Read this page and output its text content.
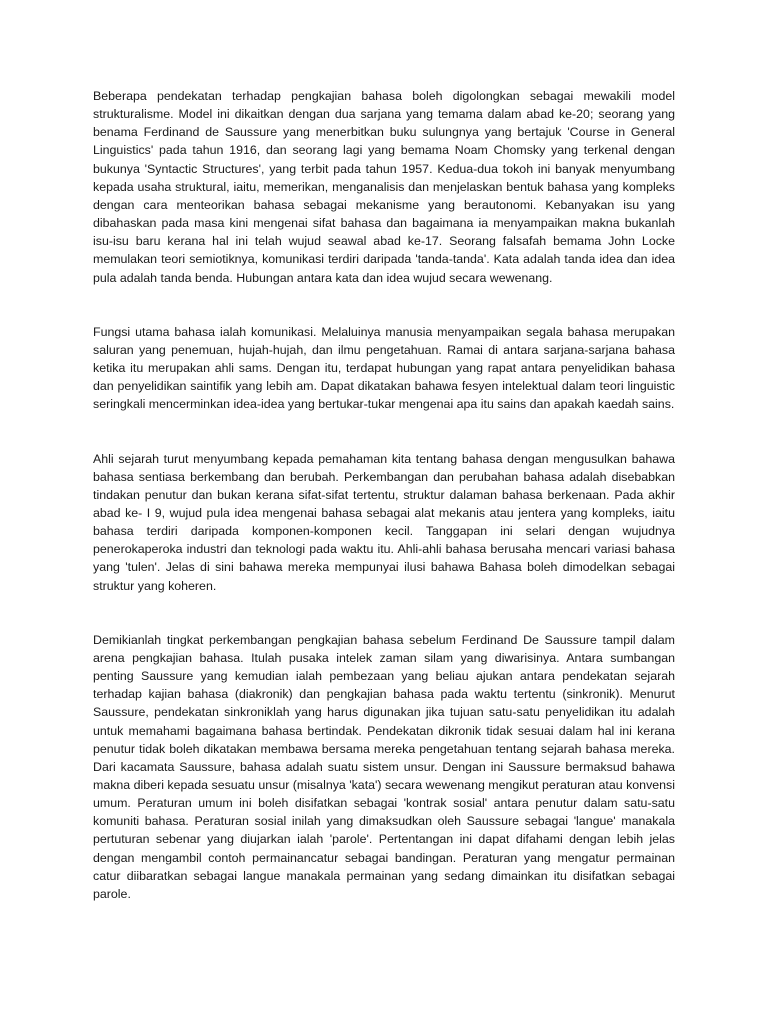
Beberapa pendekatan terhadap pengkajian bahasa boleh digolongkan sebagai mewakili model strukturalisme. Model ini dikaitkan dengan dua sarjana yang temama dalam abad ke-20; seorang yang benama Ferdinand de Saussure yang menerbitkan buku sulungnya yang bertajuk 'Course in General Linguistics' pada tahun 1916, dan seorang lagi yang bemama Noam Chomsky yang terkenal dengan bukunya 'Syntactic Structures', yang terbit pada tahun 1957. Kedua-dua tokoh ini banyak menyumbang kepada usaha struktural, iaitu, memerikan, menganalisis dan menjelaskan bentuk bahasa yang kompleks dengan cara menteorikan bahasa sebagai mekanisme yang berautonomi. Kebanyakan isu yang dibahaskan pada masa kini mengenai sifat bahasa dan bagaimana ia menyampaikan makna bukanlah isu-isu baru kerana hal ini telah wujud seawal abad ke-17. Seorang falsafah bemama John Locke memulakan teori semiotiknya, komunikasi terdiri daripada 'tanda-tanda'. Kata adalah tanda idea dan idea pula adalah tanda benda. Hubungan antara kata dan idea wujud secara wewenang.

Fungsi utama bahasa ialah komunikasi. Melaluinya manusia menyampaikan segala bahasa merupakan saluran yang penemuan, hujah-hujah, dan ilmu pengetahuan. Ramai di antara sarjana-sarjana bahasa ketika itu merupakan ahli sams. Dengan itu, terdapat hubungan yang rapat antara penyelidikan bahasa dan penyelidikan saintifik yang lebih am. Dapat dikatakan bahawa fesyen intelektual dalam teori linguistic seringkali mencerminkan idea-idea yang bertukar-tukar mengenai apa itu sains dan apakah kaedah sains.

Ahli sejarah turut menyumbang kepada pemahaman kita tentang bahasa dengan mengusulkan bahawa bahasa sentiasa berkembang dan berubah. Perkembangan dan perubahan bahasa adalah disebabkan tindakan penutur dan bukan kerana sifat-sifat tertentu, struktur dalaman bahasa berkenaan. Pada akhir abad ke- I 9, wujud pula idea mengenai bahasa sebagai alat mekanis atau jentera yang kompleks, iaitu bahasa terdiri daripada komponen-komponen kecil. Tanggapan ini selari dengan wujudnya penerokaperoka industri dan teknologi pada waktu itu. Ahli-ahli bahasa berusaha mencari variasi bahasa yang 'tulen'. Jelas di sini bahawa mereka mempunyai ilusi bahawa Bahasa boleh dimodelkan sebagai struktur yang koheren.

Demikianlah tingkat perkembangan pengkajian bahasa sebelum Ferdinand De Saussure tampil dalam arena pengkajian bahasa. Itulah pusaka intelek zaman silam yang diwarisinya. Antara sumbangan penting Saussure yang kemudian ialah pembezaan yang beliau ajukan antara pendekatan sejarah terhadap kajian bahasa (diakronik) dan pengkajian bahasa pada waktu tertentu (sinkronik). Menurut Saussure, pendekatan sinkroniklah yang harus digunakan jika tujuan satu-satu penyelidikan itu adalah untuk memahami bagaimana bahasa bertindak. Pendekatan dikronik tidak sesuai dalam hal ini kerana penutur tidak boleh dikatakan membawa bersama mereka pengetahuan tentang sejarah bahasa mereka. Dari kacamata Saussure, bahasa adalah suatu sistem unsur. Dengan ini Saussure bermaksud bahawa makna diberi kepada sesuatu unsur (misalnya 'kata') secara wewenang mengikut peraturan atau konvensi umum. Peraturan umum ini boleh disifatkan sebagai 'kontrak sosial' antara penutur dalam satu-satu komuniti bahasa. Peraturan sosial inilah yang dimaksudkan oleh Saussure sebagai 'langue' manakala pertuturan sebenar yang diujarkan ialah 'parole'. Pertentangan ini dapat difahami dengan lebih jelas dengan mengambil contoh permainancatur sebagai bandingan. Peraturan yang mengatur permainan catur diibaratkan sebagai langue manakala permainan yang sedang dimainkan itu disifatkan sebagai parole.
